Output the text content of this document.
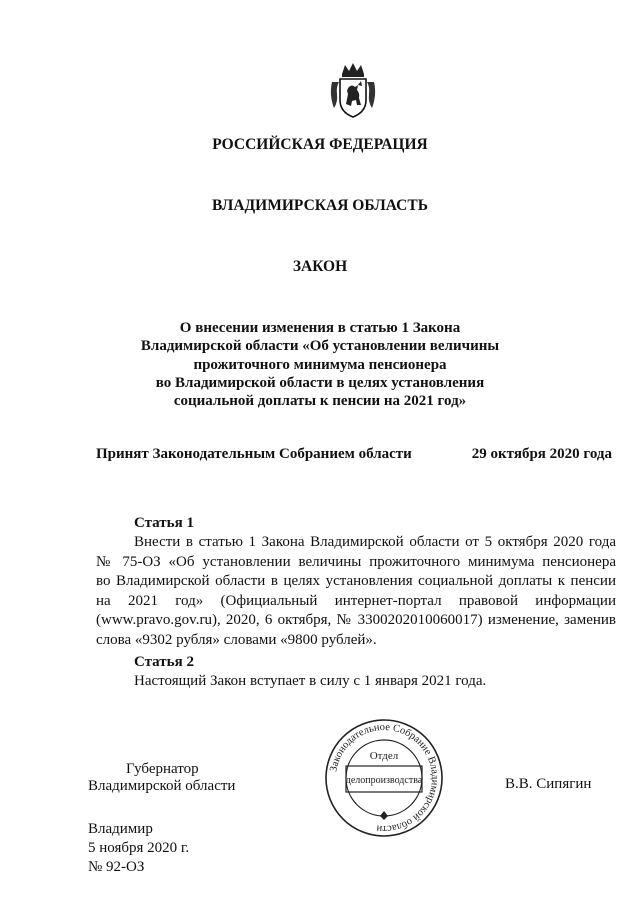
РОССИЙСКАЯ ФЕДЕРАЦИЯ
ВЛАДИМИРСКАЯ ОБЛАСТЬ
ЗАКОН
О внесении изменения в статью 1 Закона
Владимирской области «Об установлении величины
прожиточного минимума пенсионера
во Владимирской области в целях установления
социальной доплаты к пенсии на 2021 год»
Принят Законодательным Собранием области	29 октября 2020 года
Статья 1
Внести в статью 1 Закона Владимирской области от 5 октября 2020 года
№ 75-ОЗ «Об установлении величины прожиточного минимума пенсионера
во Владимирской области в целях установления социальной доплаты к пенсии
на 2021 год» (Официальный интернет-портал правовой информации
(www.pravo.gov.ru), 2020, 6 октября, № 3300202010060017) изменение, заменив
слова «9302 рубля» словами «9800 рублей».
Статья 2
Настоящий Закон вступает в силу с 1 января 2021 года.
Губернатор
Владимирской области	В.В. Сипягин
Законодательное Собрание Владимирской области
Отдел
делопроизводства
Владимир
5 ноября 2020 г.
№ 92-ОЗ
